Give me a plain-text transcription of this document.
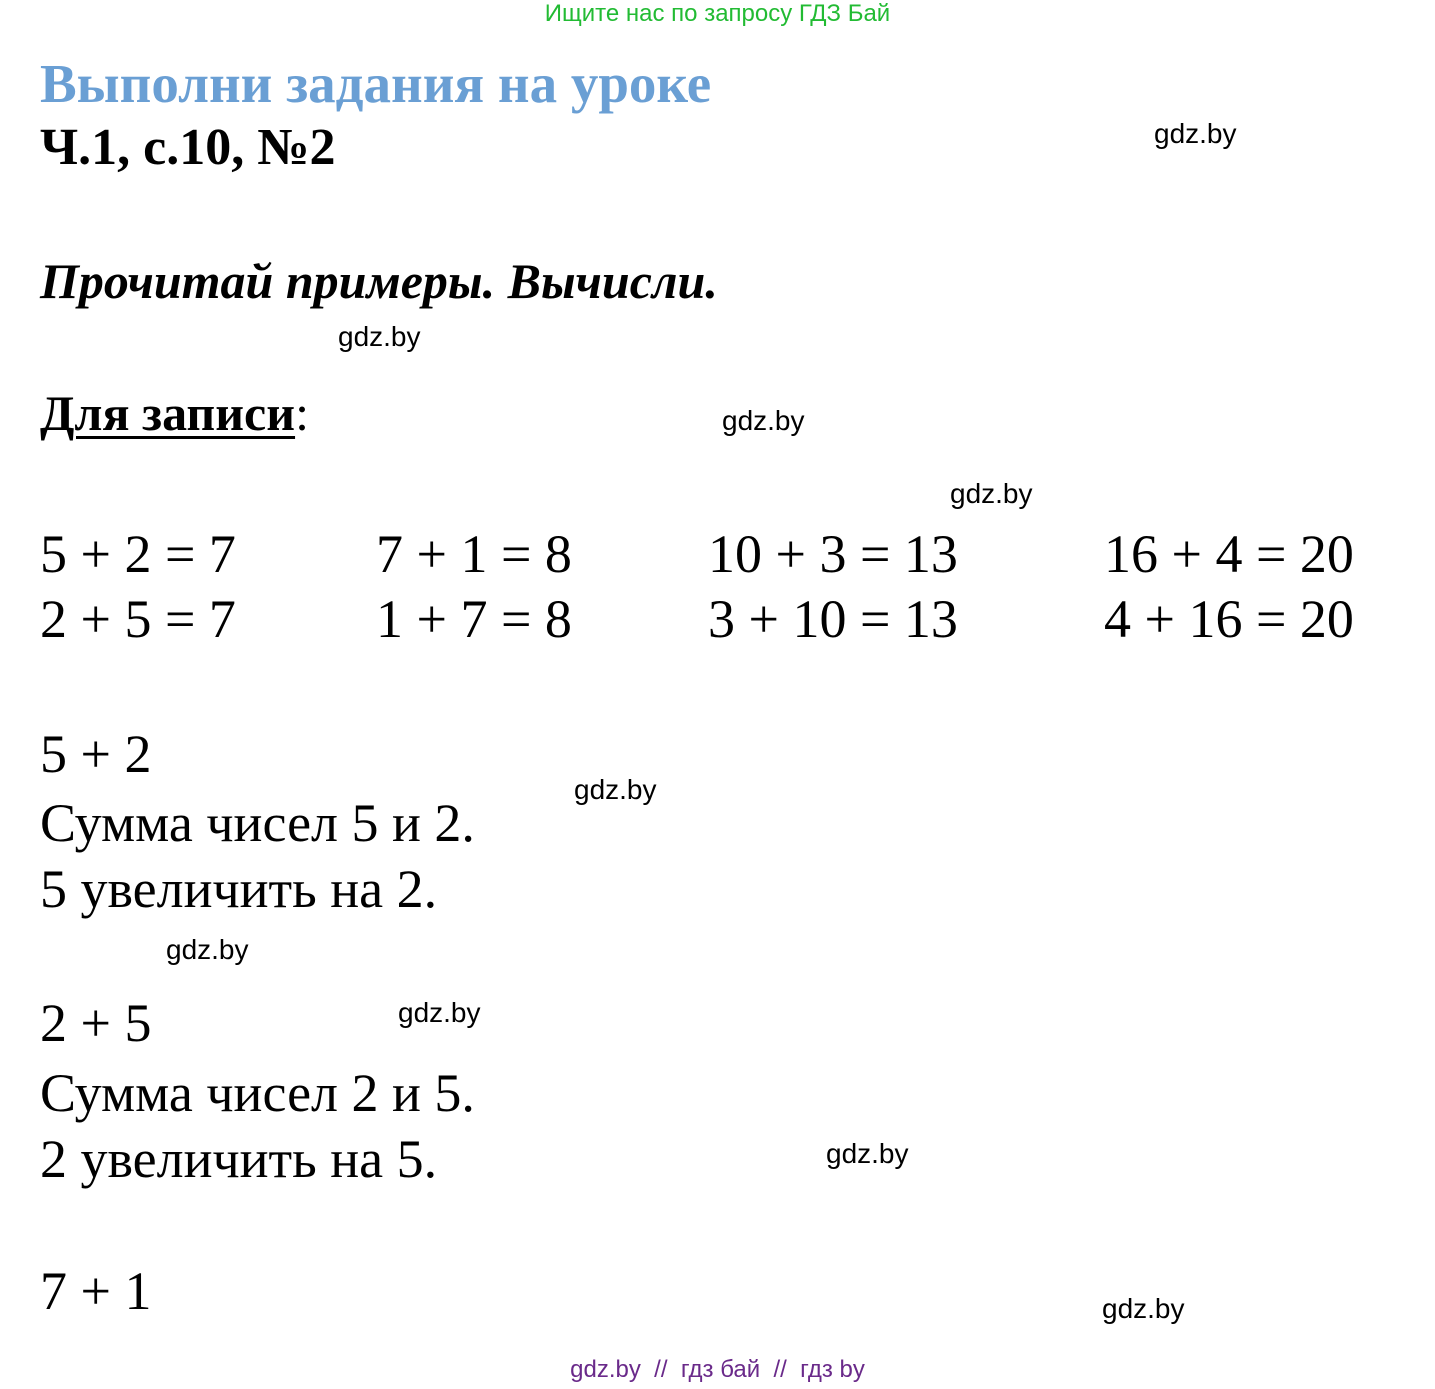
Ищите нас по запросу ГДЗ Бай
Выполни задания на уроке
Ч.1, с.10, №2	gdz.by
Прочитай примеры. Вычисли.
gdz.by
Для записи:	gdz.by
gdz.by
5 + 2 = 7	7 + 1 = 8	10 + 3 = 13	16 + 4 = 20
2 + 5 = 7	1 + 7 = 8	3 + 10 = 13	4 + 16 = 20
5 + 2
gdz.by
Сумма чисел 5 и 2.
5 увеличить на 2.
gdz.by
2 + 5	gdz.by
Сумма чисел 2 и 5.
2 увеличить на 5.	gdz.by
7 + 1	gdz.by
gdz.by  //  гдз бай  //  гдз by
